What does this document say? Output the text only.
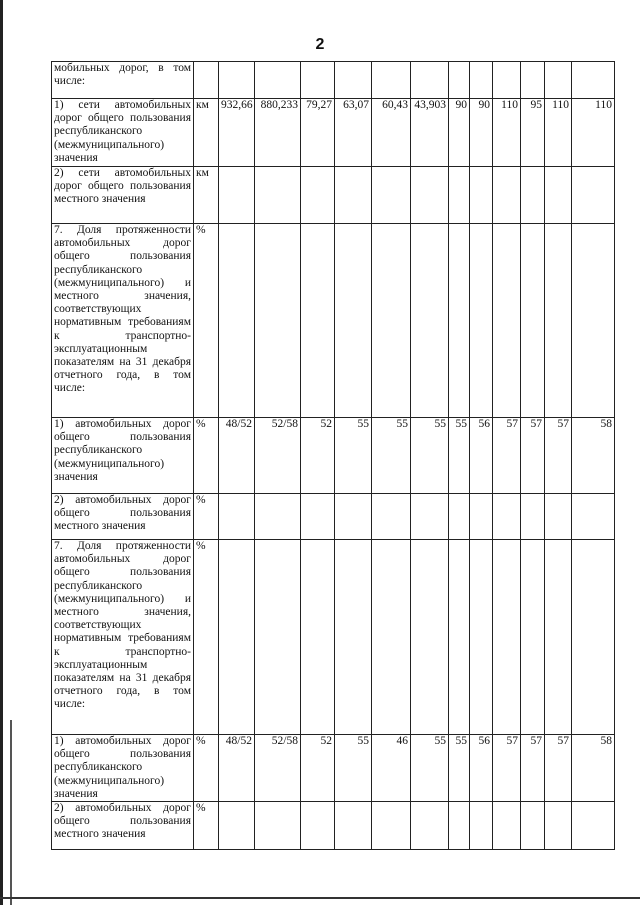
2
мобильных дорог, в том числе:													
1) сети автомобильных дорог общего пользования республиканского (межмуниципального) значения	км	932,66	880,233	79,27	63,07	60,43	43,903	90	90	110	95	110	110
2) сети автомобильных дорог общего пользования местного значения	км												
7. Доля протяженности автомобильных дорог общего пользования республиканского (межмуниципального) и местного значения, соответствующих нормативным требованиям к транспортно-эксплуатационным показателям на 31 декабря отчетного года, в том числе:	%												
1) автомобильных дорог общего пользования республиканского (межмуниципального) значения	%	48/52	52/58	52	55	55	55	55	56	57	57	57	58
2) автомобильных дорог общего пользования местного значения	%												
7. Доля протяженности автомобильных дорог общего пользования республиканского (межмуниципального) и местного значения, соответствующих нормативным требованиям к транспортно-эксплуатационным показателям на 31 декабря отчетного года, в том числе:	%												
1) автомобильных дорог общего пользования республиканского (межмуниципального) значения	%	48/52	52/58	52	55	46	55	55	56	57	57	57	58
2) автомобильных дорог общего пользования местного значения	%												
